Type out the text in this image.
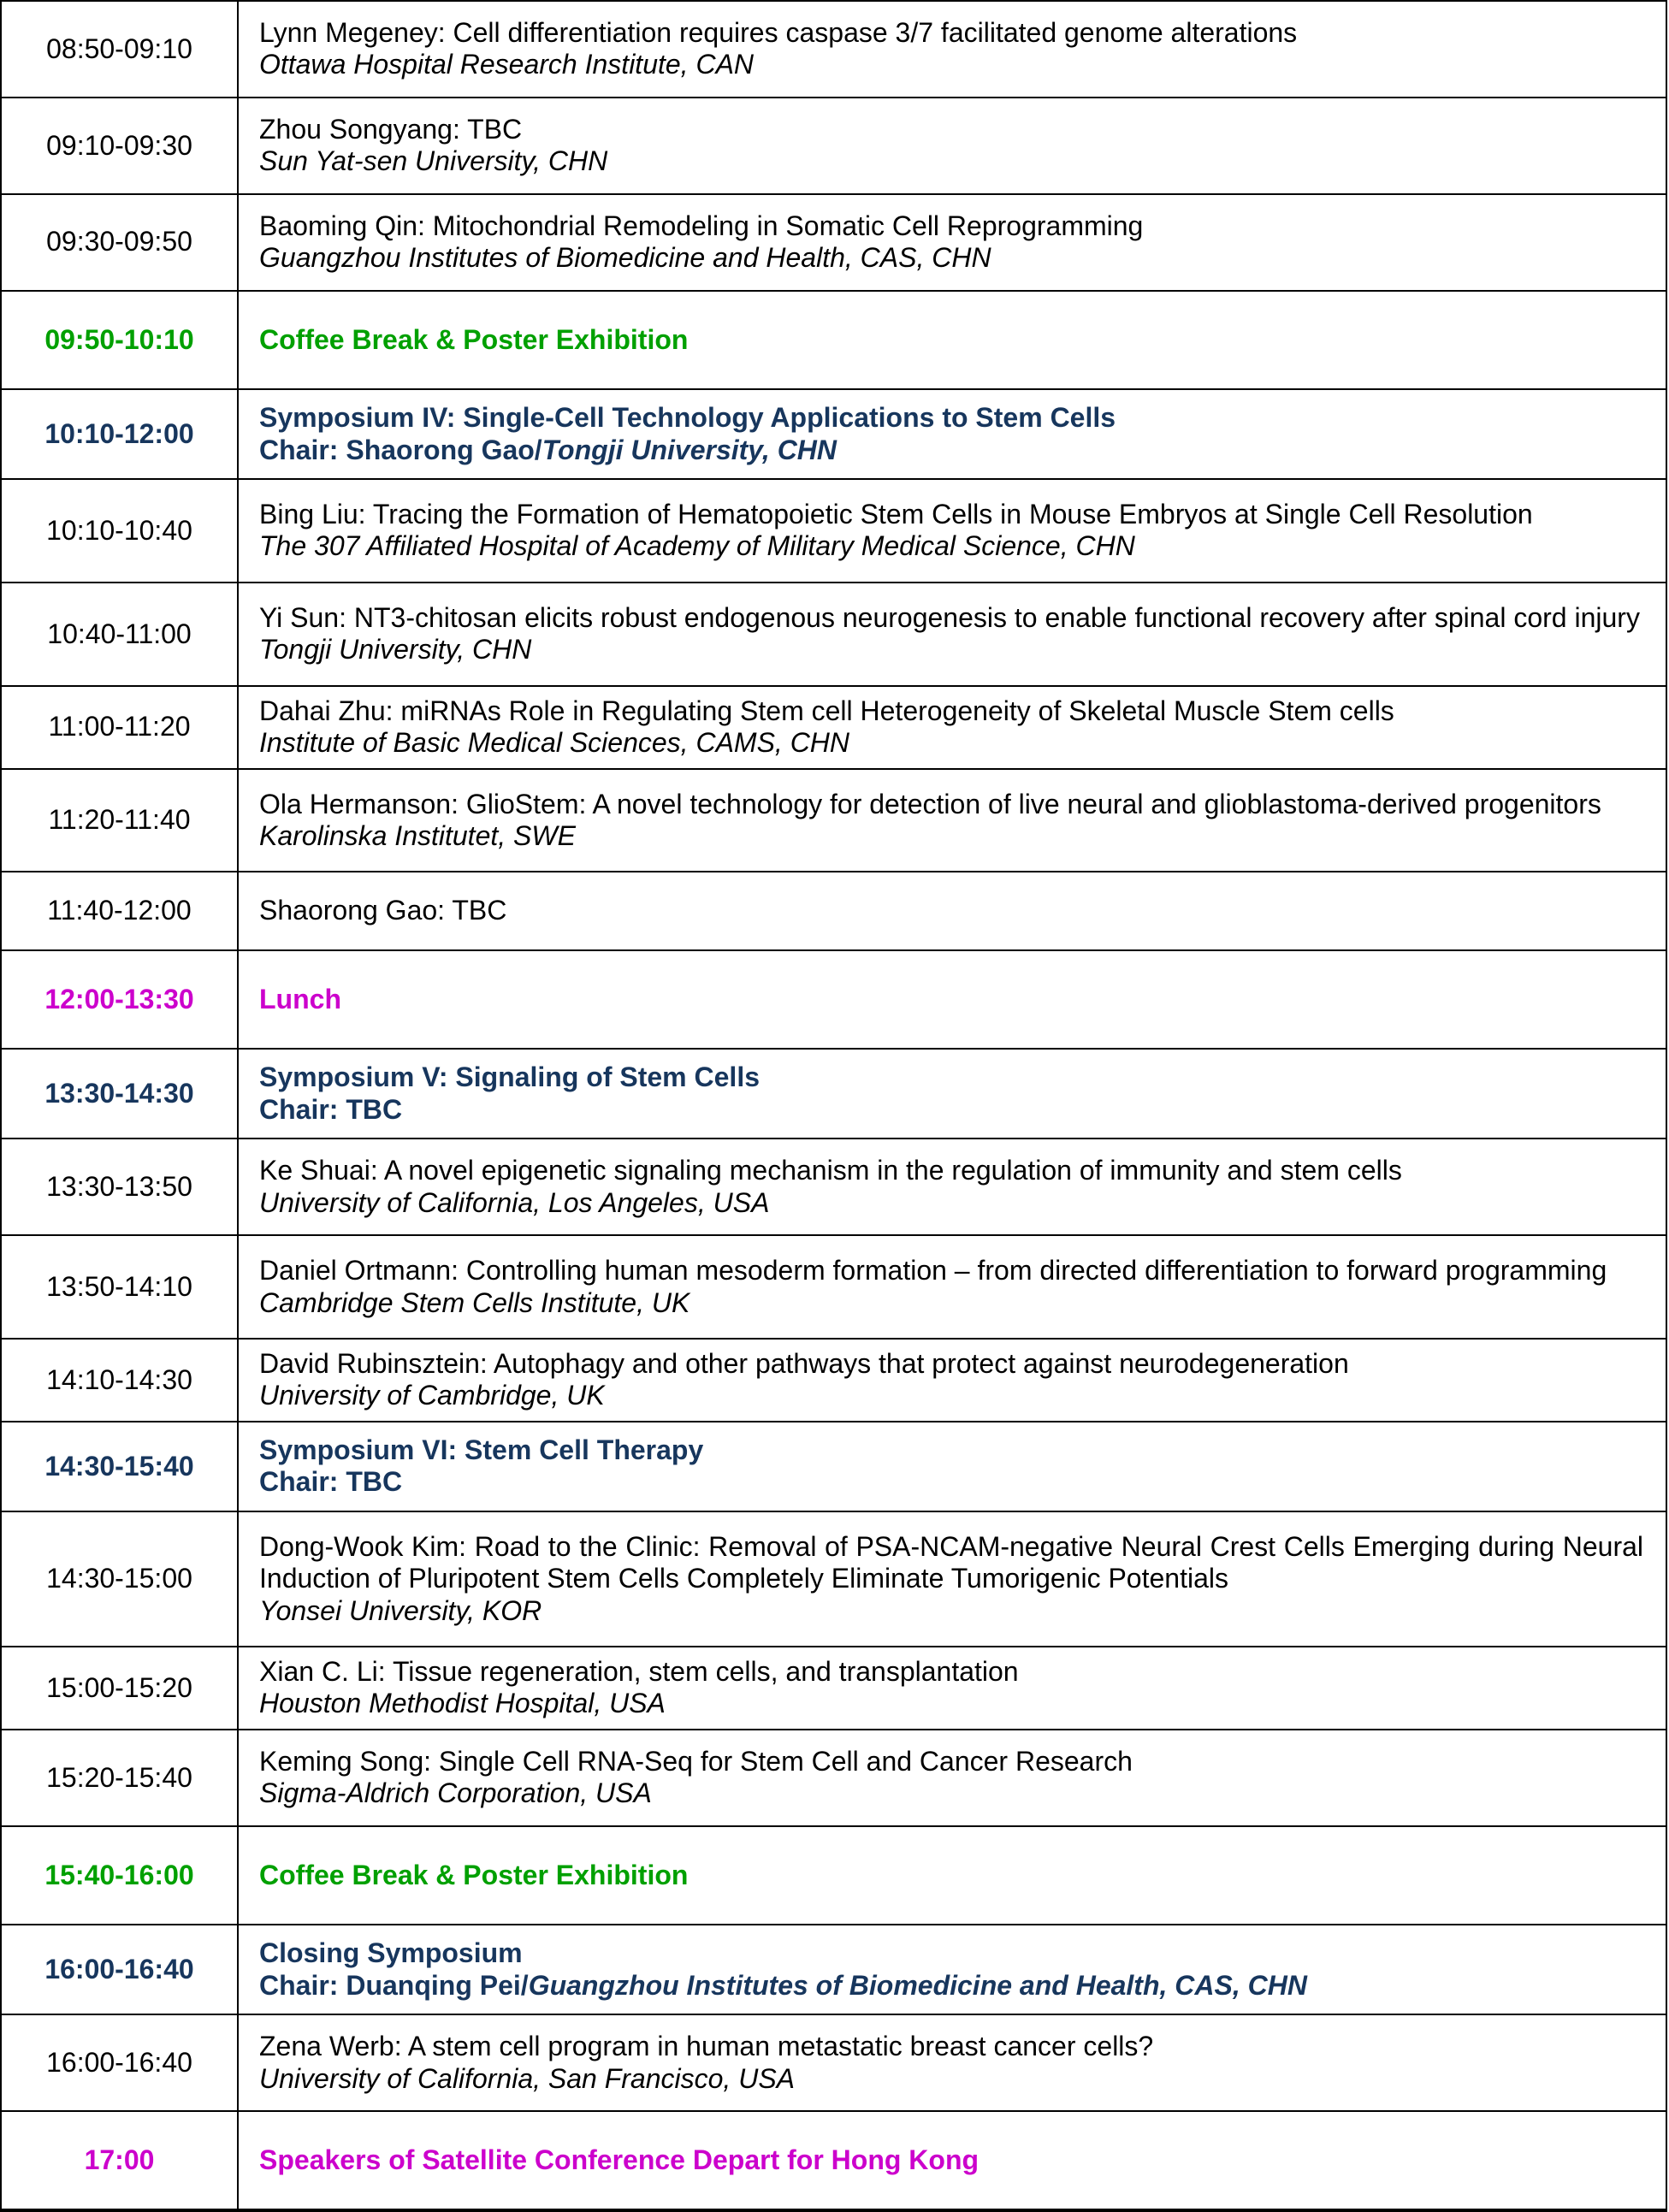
08:50-09:10	Lynn Megeney: Cell differentiation requires caspase 3/7 facilitated genome alterations
Ottawa Hospital Research Institute, CAN

09:10-09:30	Zhou Songyang: TBC
Sun Yat-sen University, CHN

09:30-09:50	Baoming Qin: Mitochondrial Remodeling in Somatic Cell Reprogramming
Guangzhou Institutes of Biomedicine and Health, CAS, CHN

09:50-10:10	Coffee Break & Poster Exhibition

10:10-12:00	Symposium IV: Single-Cell Technology Applications to Stem Cells
Chair: Shaorong Gao/Tongji University, CHN

10:10-10:40	Bing Liu: Tracing the Formation of Hematopoietic Stem Cells in Mouse Embryos at Single Cell Resolution
The 307 Affiliated Hospital of Academy of Military Medical Science, CHN

10:40-11:00	Yi Sun: NT3-chitosan elicits robust endogenous neurogenesis to enable functional recovery after spinal cord injury
Tongji University, CHN

11:00-11:20	Dahai Zhu: miRNAs Role in Regulating Stem cell Heterogeneity of Skeletal Muscle Stem cells
Institute of Basic Medical Sciences, CAMS, CHN

11:20-11:40	Ola Hermanson: GlioStem: A novel technology for detection of live neural and glioblastoma-derived progenitors
Karolinska Institutet, SWE

11:40-12:00	Shaorong Gao: TBC

12:00-13:30	Lunch

13:30-14:30	Symposium V: Signaling of Stem Cells
Chair: TBC

13:30-13:50	Ke Shuai: A novel epigenetic signaling mechanism in the regulation of immunity and stem cells
University of California, Los Angeles, USA

13:50-14:10	Daniel Ortmann: Controlling human mesoderm formation – from directed differentiation to forward programming
Cambridge Stem Cells Institute, UK

14:10-14:30	David Rubinsztein: Autophagy and other pathways that protect against neurodegeneration
University of Cambridge, UK

14:30-15:40	Symposium VI: Stem Cell Therapy
Chair: TBC

14:30-15:00	Dong-Wook Kim: Road to the Clinic: Removal of PSA-NCAM-negative Neural Crest Cells Emerging during Neural Induction of Pluripotent Stem Cells Completely Eliminate Tumorigenic Potentials
Yonsei University, KOR

15:00-15:20	Xian C. Li: Tissue regeneration, stem cells, and transplantation
Houston Methodist Hospital, USA

15:20-15:40	Keming Song: Single Cell RNA-Seq for Stem Cell and Cancer Research
Sigma-Aldrich Corporation, USA

15:40-16:00	Coffee Break & Poster Exhibition

16:00-16:40	Closing Symposium
Chair: Duanqing Pei/Guangzhou Institutes of Biomedicine and Health, CAS, CHN

16:00-16:40	Zena Werb: A stem cell program in human metastatic breast cancer cells?
University of California, San Francisco, USA

17:00	Speakers of Satellite Conference Depart for Hong Kong
